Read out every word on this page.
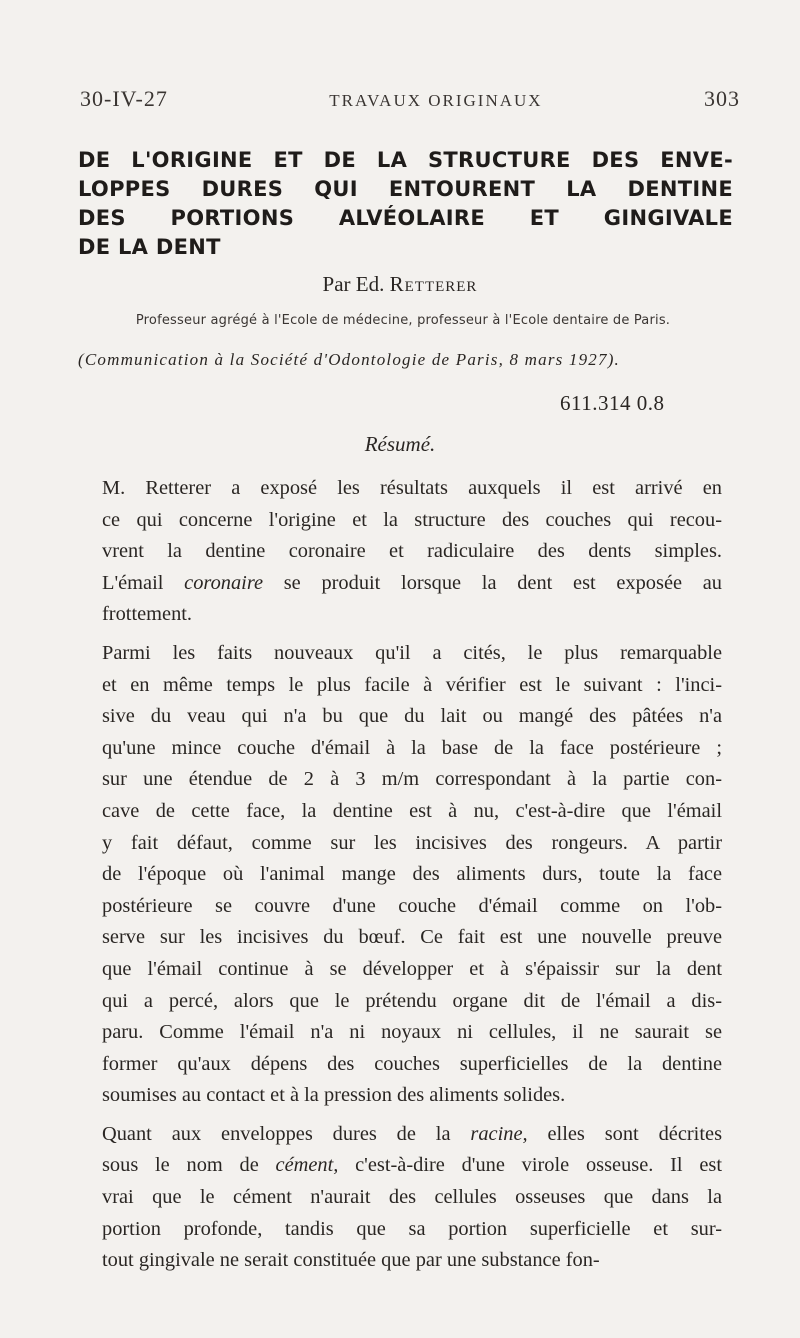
30-IV-27	TRAVAUX ORIGINAUX	303
DE L'ORIGINE ET DE LA STRUCTURE DES ENVE-
LOPPES DURES QUI ENTOURENT LA DENTINE
DES PORTIONS ALVÉOLAIRE ET GINGIVALE
DE LA DENT
Par Ed. Retterer
Professeur agrégé à l'Ecole de médecine, professeur à l'Ecole dentaire de Paris.
(Communication à la Société d'Odontologie de Paris, 8 mars 1927).
611.314 0.8
Résumé.

M. Retterer a exposé les résultats auxquels il est arrivé en
ce qui concerne l'origine et la structure des couches qui recou-
vrent la dentine coronaire et radiculaire des dents simples.
L'émail coronaire se produit lorsque la dent est exposée au
frottement.

Parmi les faits nouveaux qu'il a cités, le plus remarquable
et en même temps le plus facile à vérifier est le suivant : l'inci-
sive du veau qui n'a bu que du lait ou mangé des pâtées n'a
qu'une mince couche d'émail à la base de la face postérieure ;
sur une étendue de 2 à 3 m/m correspondant à la partie con-
cave de cette face, la dentine est à nu, c'est-à-dire que l'émail
y fait défaut, comme sur les incisives des rongeurs. A partir
de l'époque où l'animal mange des aliments durs, toute la face
postérieure se couvre d'une couche d'émail comme on l'ob-
serve sur les incisives du bœuf. Ce fait est une nouvelle preuve
que l'émail continue à se développer et à s'épaissir sur la dent
qui a percé, alors que le prétendu organe dit de l'émail a dis-
paru. Comme l'émail n'a ni noyaux ni cellules, il ne saurait se
former qu'aux dépens des couches superficielles de la dentine
soumises au contact et à la pression des aliments solides.

Quant aux enveloppes dures de la racine, elles sont décrites
sous le nom de cément, c'est-à-dire d'une virole osseuse. Il est
vrai que le cément n'aurait des cellules osseuses que dans la
portion profonde, tandis que sa portion superficielle et sur-
tout gingivale ne serait constituée que par une substance fon-
